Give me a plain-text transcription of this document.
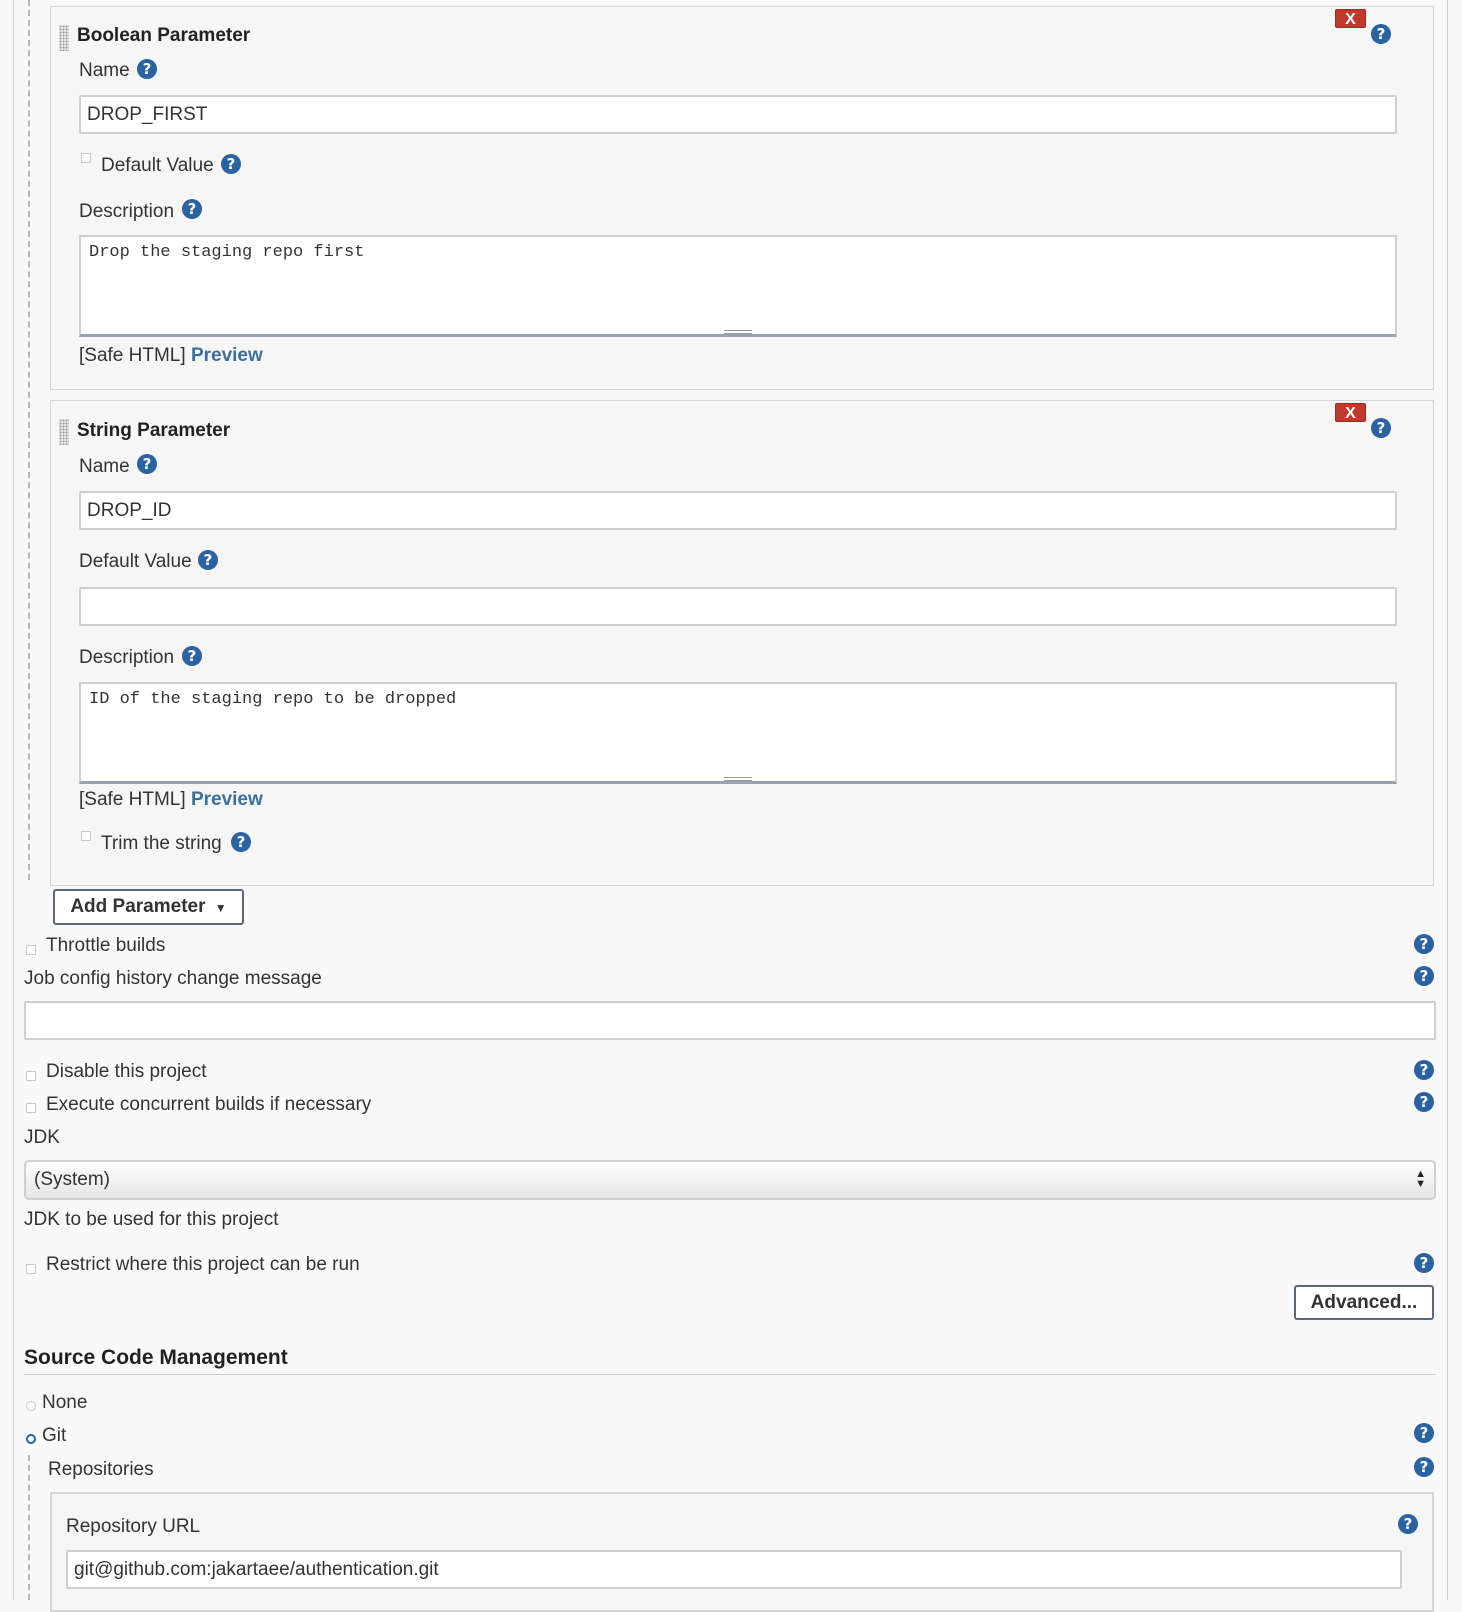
Boolean Parameter
X
?
Name ?
DROP_FIRST
Default Value ?
Description ?
Drop the staging repo first
[Safe HTML] Preview
String Parameter
X
?
Name ?
DROP_ID
Default Value ?
Description ?
ID of the staging repo to be dropped
[Safe HTML] Preview
Trim the string ?
Add Parameter ▼
Throttle builds	?
Job config history change message	?
Disable this project	?
Execute concurrent builds if necessary	?
JDK
(System)	▲
▼
JDK to be used for this project
Restrict where this project can be run	?
Advanced...
Source Code Management
None
Git	?
Repositories	?
Repository URL	?
git@github.com:jakartaee/authentication.git
